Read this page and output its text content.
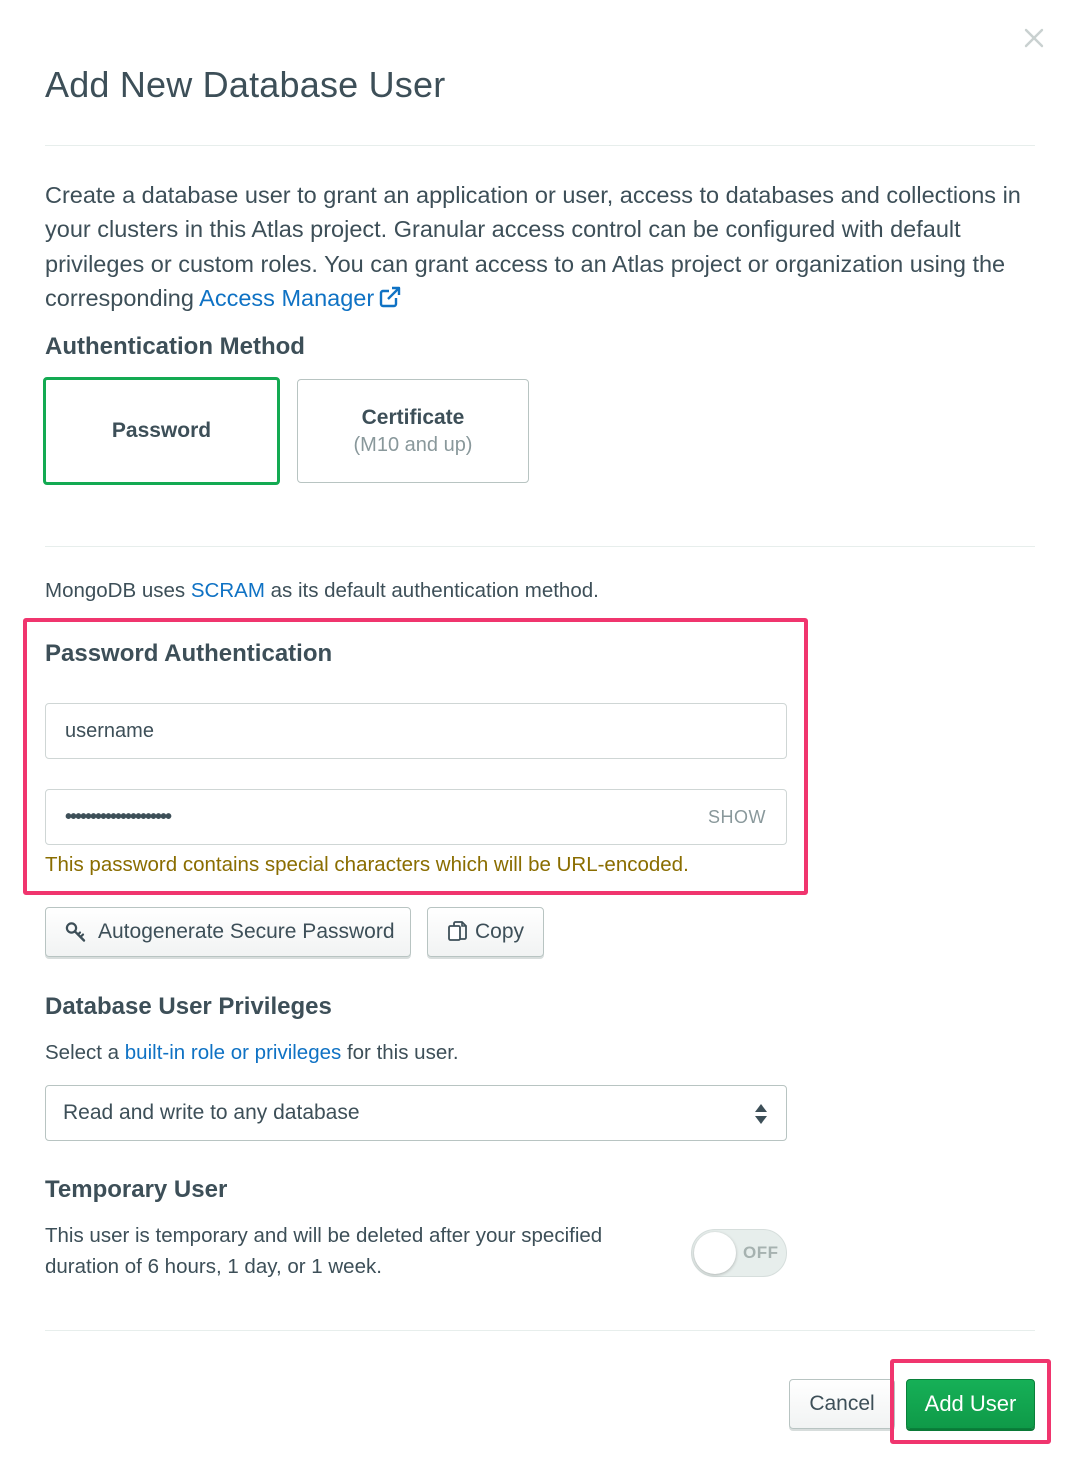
Add New Database User

Create a database user to grant an application or user, access to databases and collections in your clusters in this Atlas project. Granular access control can be configured with default privileges or custom roles. You can grant access to an Atlas project or organization using the corresponding Access Manager

Authentication Method
Password
Certificate
(M10 and up)
MongoDB uses SCRAM as its default authentication method.
Password Authentication
username
•••••••••••••••••••••	SHOW
This password contains special characters which will be URL-encoded.
Autogenerate Secure Password	Copy
Database User Privileges
Select a built-in role or privileges for this user.
Read and write to any database
Temporary User

This user is temporary and will be deleted after your specified duration of 6 hours, 1 day, or 1 week.

OFF
Cancel Add User
